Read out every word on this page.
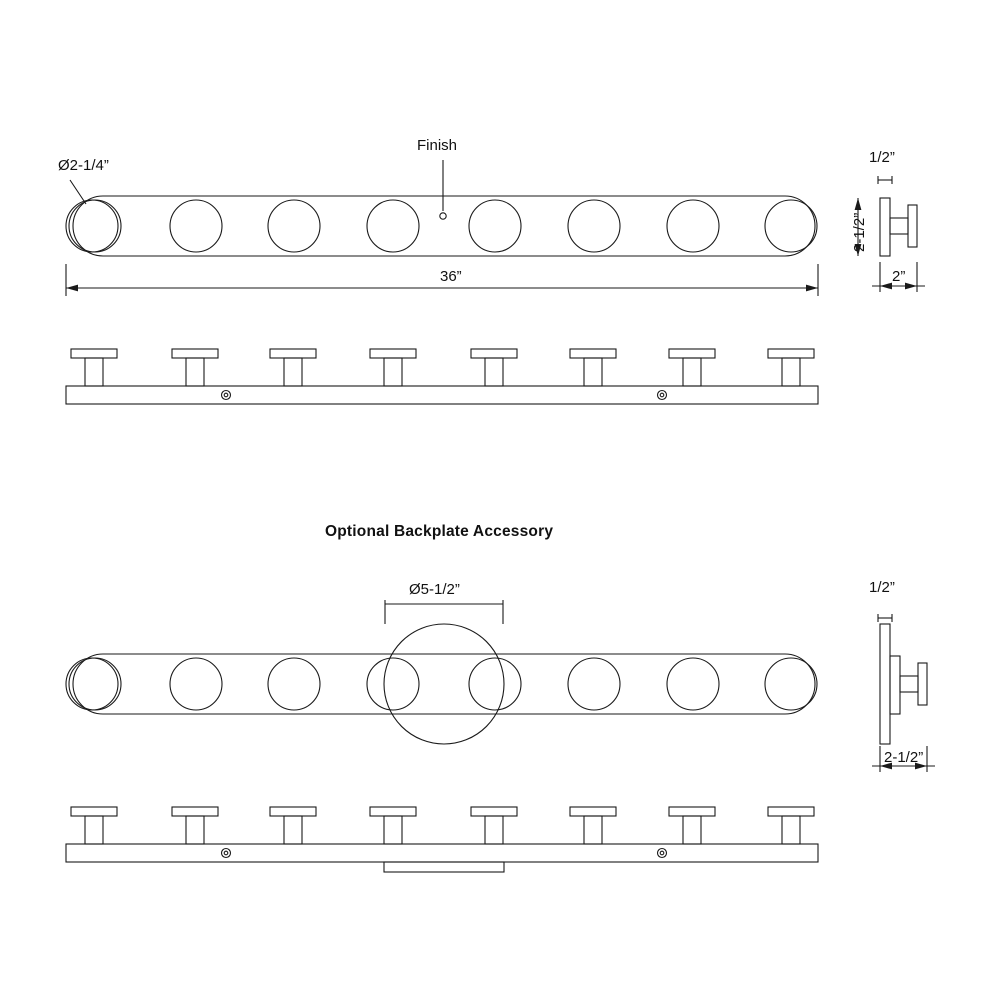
Finish
Ø2-1/4”
36”
2-1/2”
1/2”
2”
Optional Backplate Accessory
Ø5-1/2”	1/2”
2-1/2”
